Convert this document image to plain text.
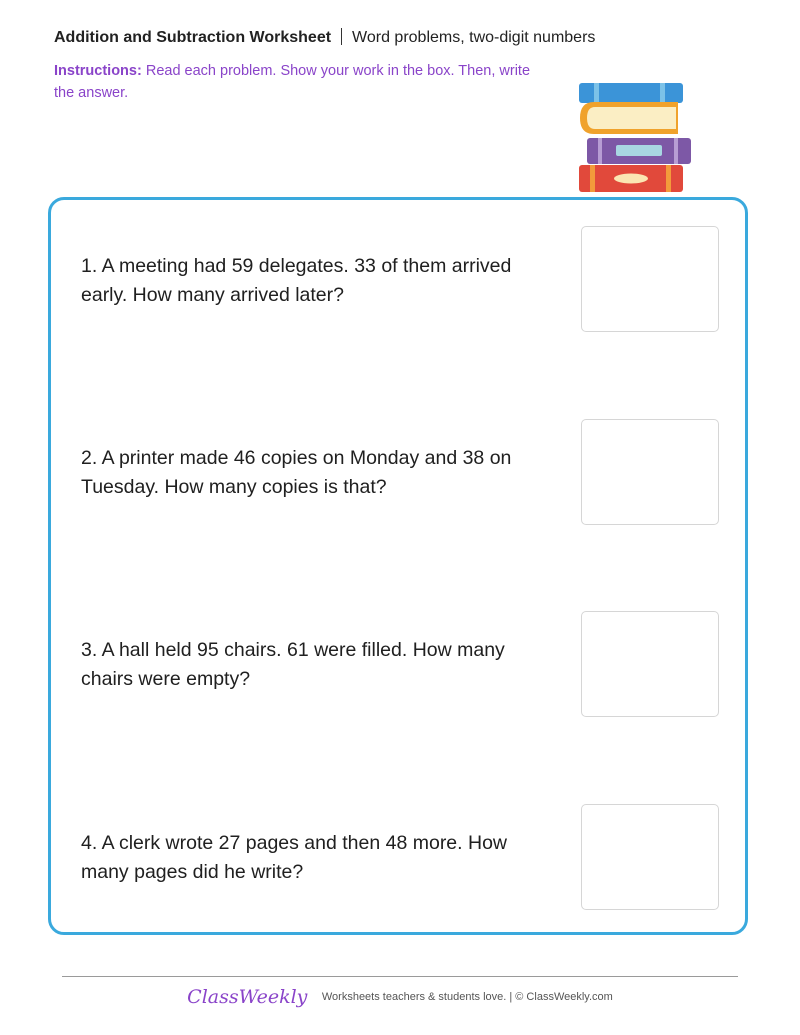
Addition and Subtraction Worksheet Word problems, two-digit numbers
Instructions: Read each problem. Show your work in the box. Then, write the answer.
1. A meeting had 59 delegates. 33 of them arrived early. How many arrived later?
2. A printer made 46 copies on Monday and 38 on Tuesday. How many copies is that?
3. A hall held 95 chairs. 61 were filled. How many chairs were empty?
4. A clerk wrote 27 pages and then 48 more. How many pages did he write?
ClassWeekly Worksheets teachers & students love. | © ClassWeekly.com
